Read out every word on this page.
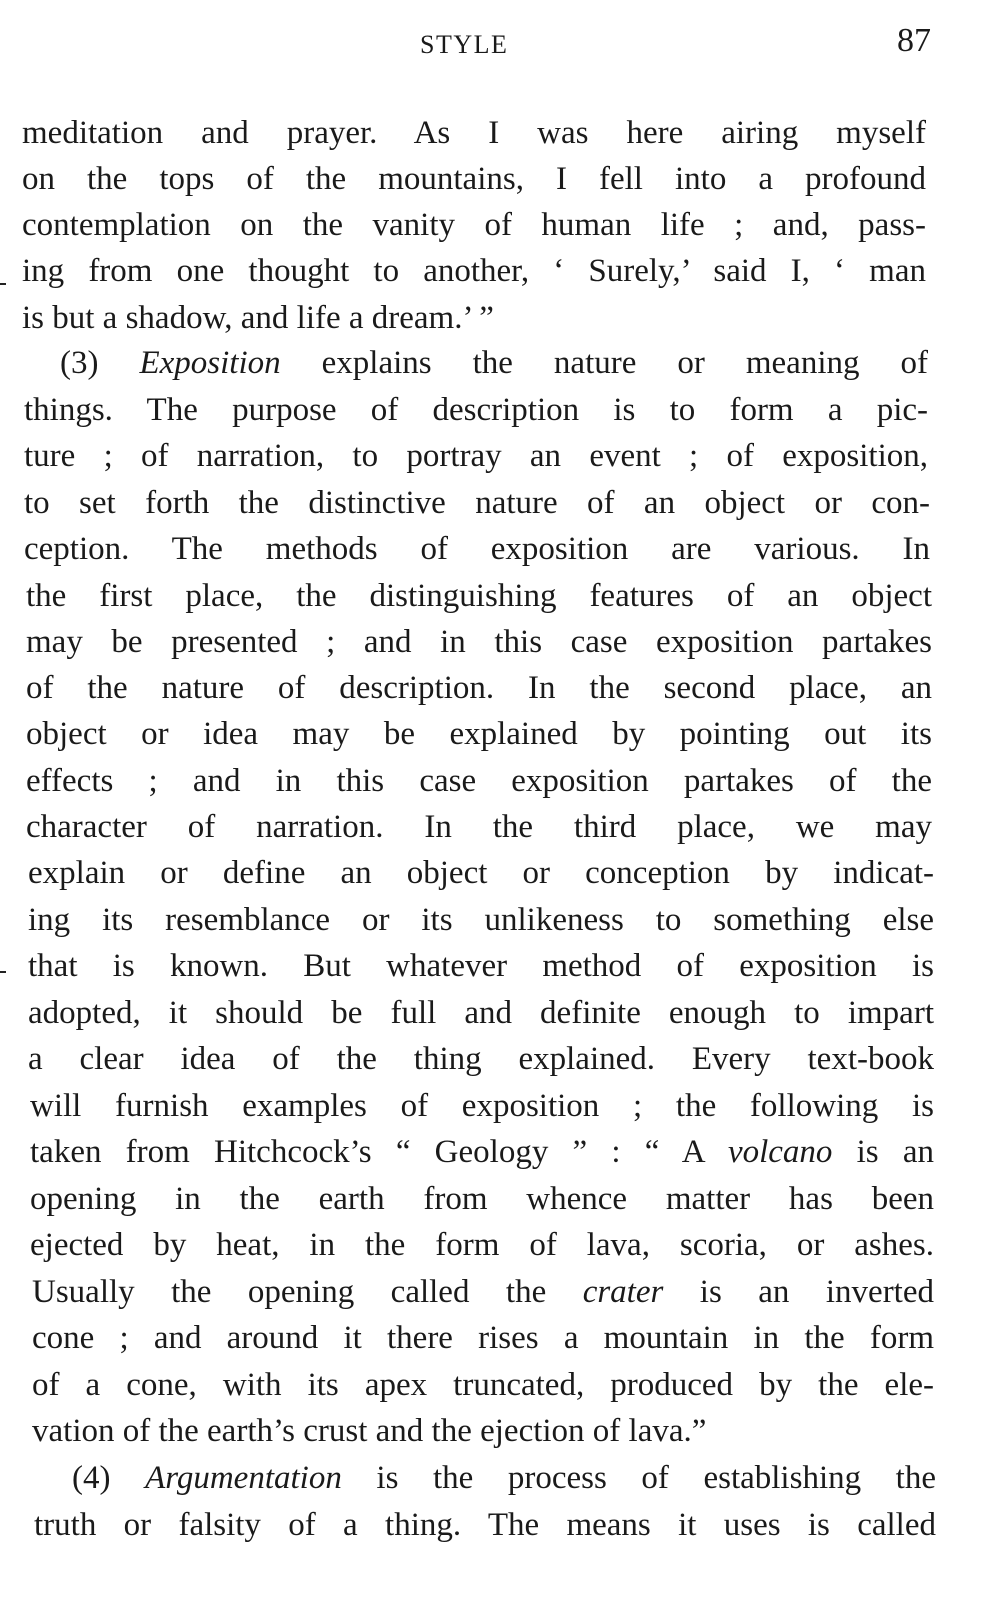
STYLE	87
meditation and prayer. As I was here airing myself
on the tops of the mountains, I fell into a profound
contemplation on the vanity of human life ; and, pass-
ing from one thought to another, ‘ Surely,’ said I, ‘ man
is but a shadow, and life a dream.’ ”
(3) Exposition explains the nature or meaning of
things. The purpose of description is to form a pic-
ture ; of narration, to portray an event ; of exposition,
to set forth the distinctive nature of an object or con-
ception. The methods of exposition are various. In
the first place, the distinguishing features of an object
may be presented ; and in this case exposition partakes
of the nature of description. In the second place, an
object or idea may be explained by pointing out its
effects ; and in this case exposition partakes of the
character of narration. In the third place, we may
explain or define an object or conception by indicat-
ing its resemblance or its unlikeness to something else
that is known. But whatever method of exposition is
adopted, it should be full and definite enough to impart
a clear idea of the thing explained. Every text-book
will furnish examples of exposition ; the following is
taken from Hitchcock’s “ Geology ” : “ A volcano is an
opening in the earth from whence matter has been
ejected by heat, in the form of lava, scoria, or ashes.
Usually the opening called the crater is an inverted
cone ; and around it there rises a mountain in the form
of a cone, with its apex truncated, produced by the ele-
vation of the earth’s crust and the ejection of lava.”
(4) Argumentation is the process of establishing the
truth or falsity of a thing. The means it uses is called
